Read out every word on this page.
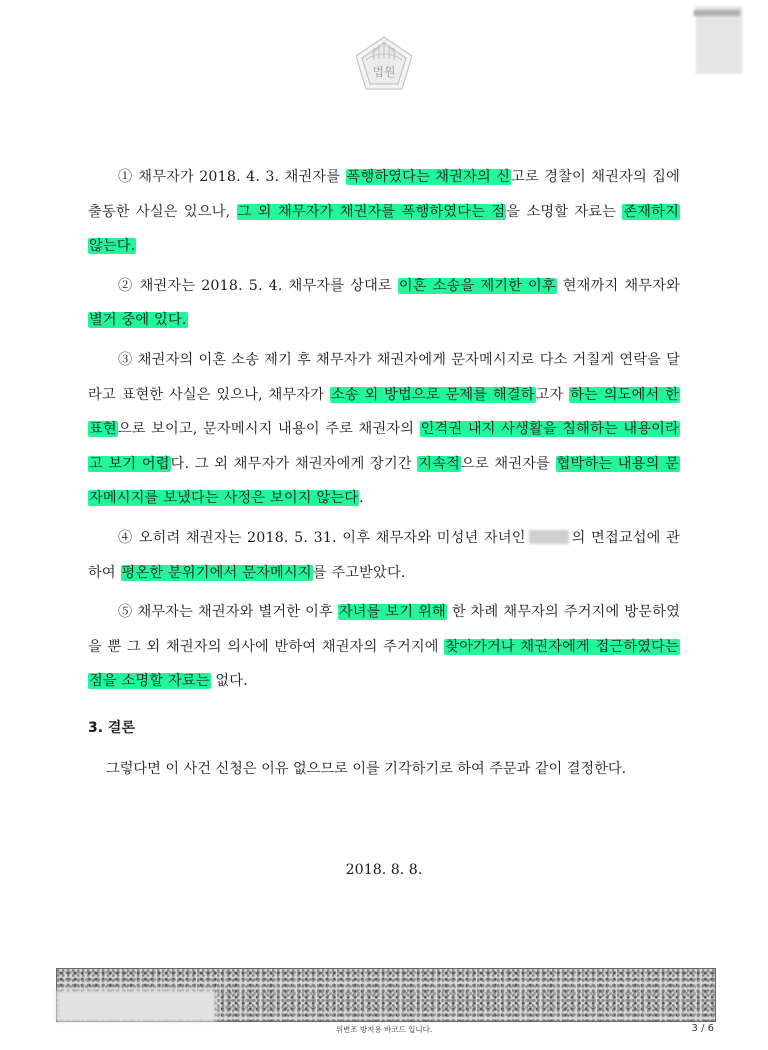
법원

① 채무자가 2018. 4. 3. 채권자를 폭행하였다는 채권자의 신고로 경찰이 채권자의 집에 출동한 사실은 있으나, 그 외 채무자가 채권자를 폭행하였다는 점을 소명할 자료는 존재하지 않는다.

② 채권자는 2018. 5. 4. 채무자를 상대로 이혼 소송을 제기한 이후 현재까지 채무자와 별거 중에 있다.

③ 채권자의 이혼 소송 제기 후 채무자가 채권자에게 문자메시지로 다소 거칠게 연락을 달라고 표현한 사실은 있으나, 채무자가 소송 외 방법으로 문제를 해결하고자 하는 의도에서 한 표현으로 보이고, 문자메시지 내용이 주로 채권자의 인격권 내지 사생활을 침해하는 내용이라고 보기 어렵다. 그 외 채무자가 채권자에게 장기간 지속적으로 채권자를 협박하는 내용의 문자메시지를 보냈다는 사정은 보이지 않는다.

④ 오히려 채권자는 2018. 5. 31. 이후 채무자와 미성년 자녀인	의 면접교섭에 관하여 평온한 분위기에서 문자메시지를 주고받았다.

⑤ 채무자는 채권자와 별거한 이후 자녀를 보기 위해 한 차례 채무자의 주거지에 방문하였을 뿐 그 외 채권자의 의사에 반하여 채권자의 주거지에 찾아가거나 채권자에게 접근하였다는 점을 소명할 자료는 없다.

3. 결론
그렇다면 이 사건 신청은 이유 없으므로 이를 기각하기로 하여 주문과 같이 결정한다.
2018. 8. 8.
위변조 방지용 바코드 입니다.	3 / 6
